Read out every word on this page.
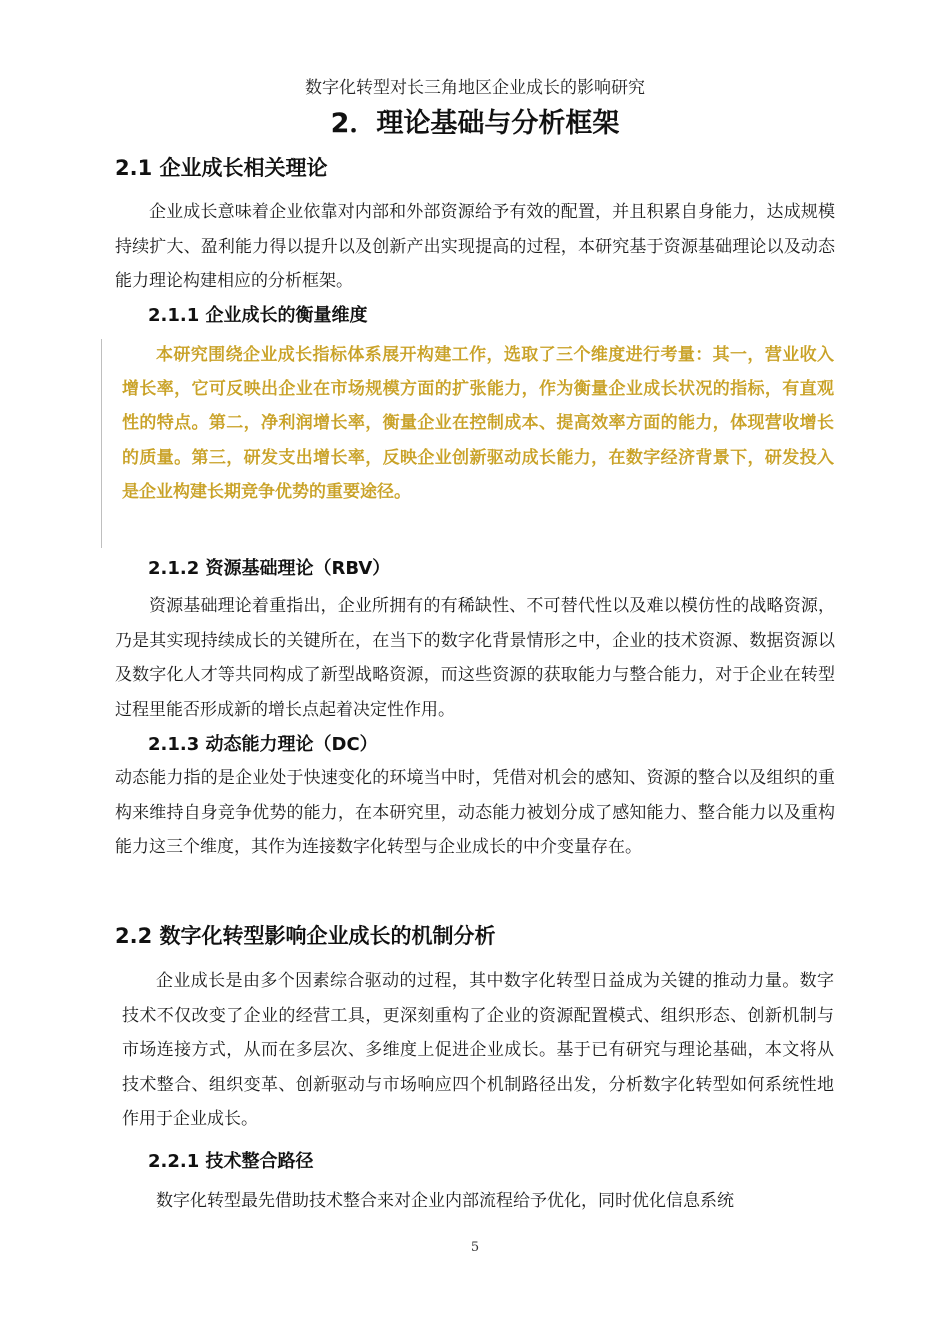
数字化转型对长三角地区企业成长的影响研究
2．理论基础与分析框架
2.1 企业成长相关理论

企业成长意味着企业依靠对内部和外部资源给予有效的配置，并且积累自身能力，达成规模持续扩大、盈利能力得以提升以及创新产出实现提高的过程，本研究基于资源基础理论以及动态能力理论构建相应的分析框架。

2.1.1 企业成长的衡量维度

本研究围绕企业成长指标体系展开构建工作，选取了三个维度进行考量：其一，营业收入增长率，它可反映出企业在市场规模方面的扩张能力，作为衡量企业成长状况的指标，有直观性的特点。第二，净利润增长率，衡量企业在控制成本、提高效率方面的能力，体现营收增长的质量。第三，研发支出增长率，反映企业创新驱动成长能力，在数字经济背景下，研发投入是企业构建长期竞争优势的重要途径。

2.1.2 资源基础理论（RBV）

资源基础理论着重指出，企业所拥有的有稀缺性、不可替代性以及难以模仿性的战略资源，乃是其实现持续成长的关键所在，在当下的数字化背景情形之中，企业的技术资源、数据资源以及数字化人才等共同构成了新型战略资源，而这些资源的获取能力与整合能力，对于企业在转型过程里能否形成新的增长点起着决定性作用。

2.1.3 动态能力理论（DC）

动态能力指的是企业处于快速变化的环境当中时，凭借对机会的感知、资源的整合以及组织的重构来维持自身竞争优势的能力，在本研究里，动态能力被划分成了感知能力、整合能力以及重构能力这三个维度，其作为连接数字化转型与企业成长的中介变量存在。

2.2 数字化转型影响企业成长的机制分析

企业成长是由多个因素综合驱动的过程，其中数字化转型日益成为关键的推动力量。数字技术不仅改变了企业的经营工具，更深刻重构了企业的资源配置模式、组织形态、创新机制与市场连接方式，从而在多层次、多维度上促进企业成长。基于已有研究与理论基础，本文将从技术整合、组织变革、创新驱动与市场响应四个机制路径出发，分析数字化转型如何系统性地作用于企业成长。

2.2.1 技术整合路径

数字化转型最先借助技术整合来对企业内部流程给予优化，同时优化信息系统

5
